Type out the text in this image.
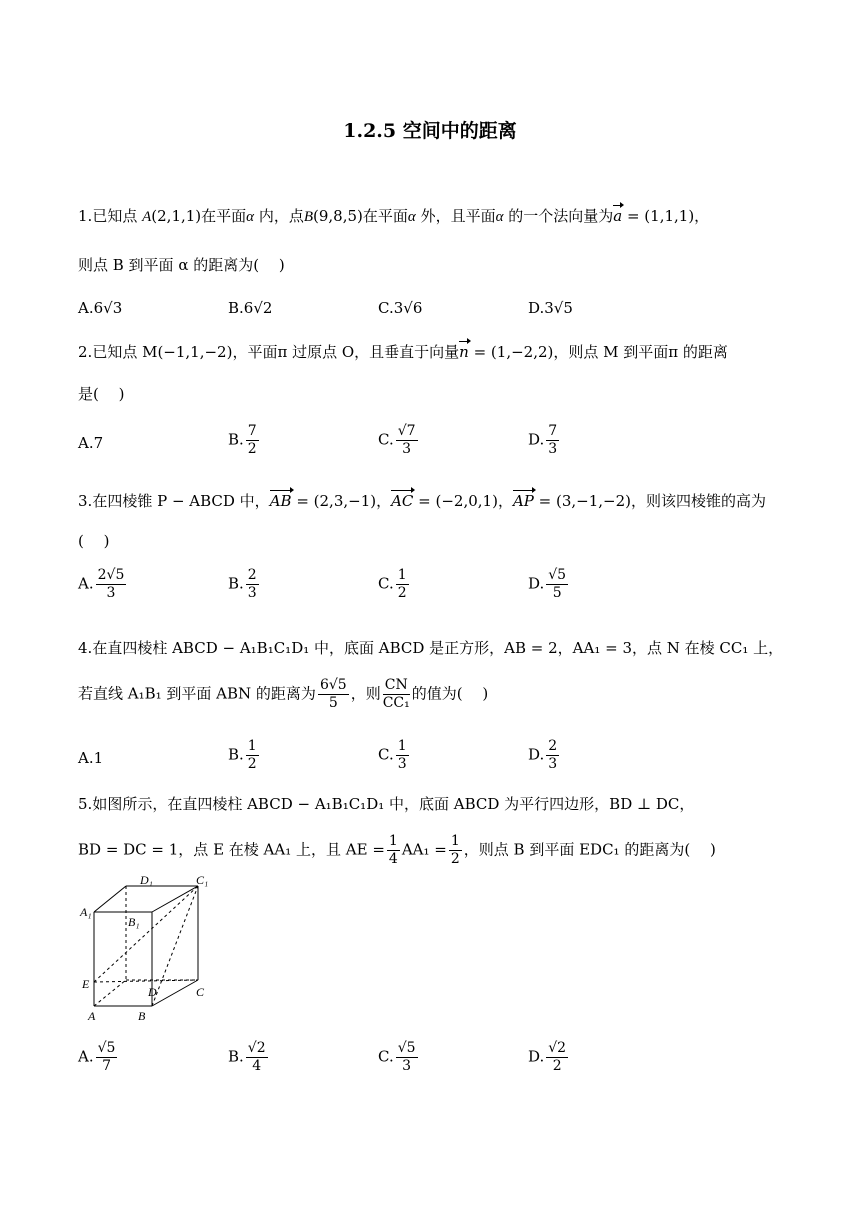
1.2.5 空间中的距离
1.已知点 A(2,1,1)在平面α 内，点B(9,8,5)在平面α 外，且平面α 的一个法向量为a = (1,1,1)，
则点 B 到平面 α 的距离为(　 )
A.6√3	B.6√2	C.3√6	D.3√5
2.已知点 M(−1,1,−2)，平面π 过原点 O，且垂直于向量n = (1,−2,2)，则点 M 到平面π 的距离
是(　 )
A.7	B. $\frac{7}{2}$	C. $\frac{√7}{3}$	D. $\frac{7}{3}$
3.在四棱锥 P − ABCD 中，AB = (2,3,−1)，AC = (−2,0,1)，AP = (3,−1,−2)，则该四棱锥的高为
(　 )
A. $\frac{2√5}{3}$	B. $\frac{2}{3}$	C. $\frac{1}{2}$	D. $\frac{√5}{5}$
4.在直四棱柱 ABCD − A₁B₁C₁D₁ 中，底面 ABCD 是正方形，AB = 2，AA₁ = 3，点 N 在棱 CC₁ 上，
若直线 A₁B₁ 到平面 ABN 的距离为 $\frac{6√5}{5}$ ，则 $\frac{CN}{\text{CC₁}}$ 的值为(　 )
A.1	B. $\frac{1}{2}$	C. $\frac{1}{3}$	D. $\frac{2}{3}$
5.如图所示，在直四棱柱 ABCD − A₁B₁C₁D₁ 中，底面 ABCD 为平行四边形，BD ⊥ DC，
BD = DC = 1，点 E 在棱 AA₁ 上，且 AE = $\frac{1}{4} AA_1 = \frac{1}{2}$ ，则点 B 到平面 EDC₁ 的距离为(　 )
D₁	C₁
A₁
B₁
E
D	C
A	B
A. $\frac{√5}{7}$	B. $\frac{√2}{4}$	C. $\frac{√5}{3}$	D. $\frac{√2}{2}$
